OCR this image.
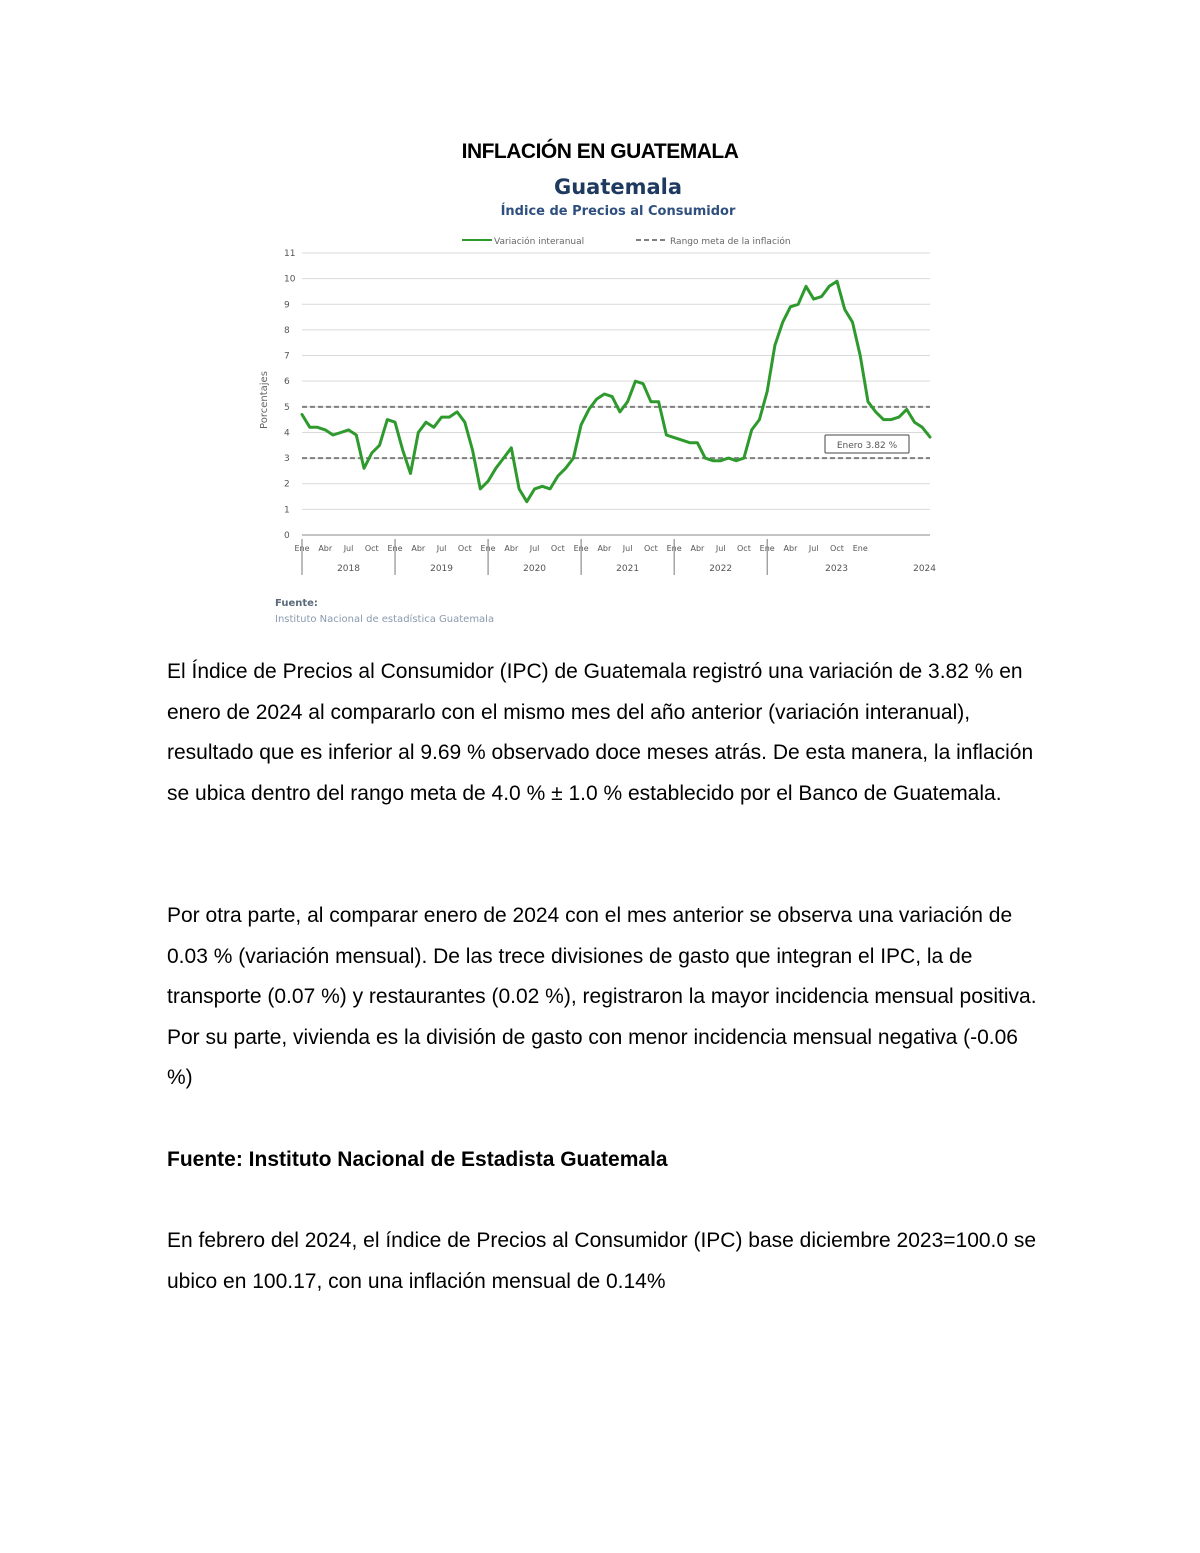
INFLACIÓN EN GUATEMALA
Guatemala
Índice de Precios al Consumidor
Variación interanual	Rango meta de la inflación
0
1
2
3
4
5
6
7
8
9
10
11
Porcentajes
Ene Abr Jul Oct Ene Abr Jul Oct Ene Abr Jul Oct Ene Abr Jul Oct Ene Abr Jul Oct Ene Abr Jul Oct Ene
2018	2019	2020	2021	2022	2023	2024
Enero 3.82 %
Fuente:
Instituto Nacional de estadística Guatemala

El Índice de Precios al Consumidor (IPC) de Guatemala registró una variación de 3.82 % en enero de 2024 al compararlo con el mismo mes del año anterior (variación interanual), resultado que es inferior al 9.69 % observado doce meses atrás. De esta manera, la inflación se ubica dentro del rango meta de 4.0 % ± 1.0 % establecido por el Banco de Guatemala.

Por otra parte, al comparar enero de 2024 con el mes anterior se observa una variación de 0.03 % (variación mensual). De las trece divisiones de gasto que integran el IPC, la de transporte (0.07 %) y restaurantes (0.02 %), registraron la mayor incidencia mensual positiva. Por su parte, vivienda es la división de gasto con menor incidencia mensual negativa (-0.06 %)

Fuente: Instituto Nacional de Estadista Guatemala

En febrero del 2024, el índice de Precios al Consumidor (IPC) base diciembre 2023=100.0 se ubico en 100.17, con una inflación mensual de 0.14%
